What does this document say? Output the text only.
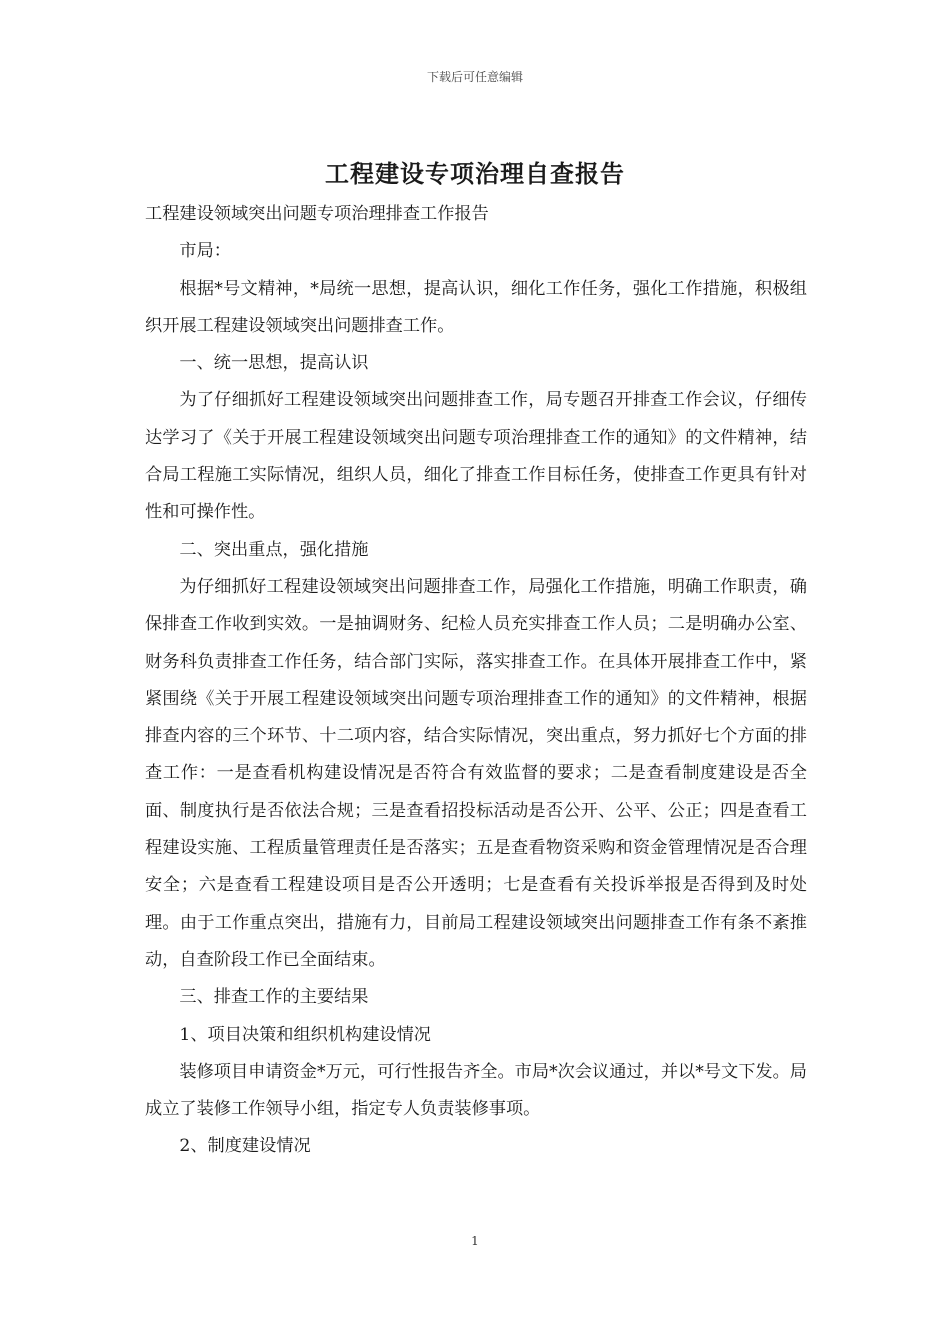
下载后可任意编辑
工程建设专项治理自查报告

工程建设领域突出问题专项治理排查工作报告

市局：

根据*号文精神，*局统一思想，提高认识，细化工作任务，强化工作措施，积极组织开展工程建设领域突出问题排查工作。

一、统一思想，提高认识

为了仔细抓好工程建设领域突出问题排查工作，局专题召开排查工作会议，仔细传达学习了《关于开展工程建设领域突出问题专项治理排查工作的通知》的文件精神，结合局工程施工实际情况，组织人员，细化了排查工作目标任务，使排查工作更具有针对性和可操作性。

二、突出重点，强化措施

为仔细抓好工程建设领域突出问题排查工作，局强化工作措施，明确工作职责，确保排查工作收到实效。一是抽调财务、纪检人员充实排查工作人员；二是明确办公室、财务科负责排查工作任务，结合部门实际，落实排查工作。在具体开展排查工作中，紧紧围绕《关于开展工程建设领域突出问题专项治理排查工作的通知》的文件精神，根据排查内容的三个环节、十二项内容，结合实际情况，突出重点，努力抓好七个方面的排查工作：一是查看机构建设情况是否符合有效监督的要求；二是查看制度建设是否全面、制度执行是否依法合规；三是查看招投标活动是否公开、公平、公正；四是查看工程建设实施、工程质量管理责任是否落实；五是查看物资采购和资金管理情况是否合理安全；六是查看工程建设项目是否公开透明；七是查看有关投诉举报是否得到及时处理。由于工作重点突出，措施有力，目前局工程建设领域突出问题排查工作有条不紊推动，自查阶段工作已全面结束。

三、排查工作的主要结果

1、项目决策和组织机构建设情况

装修项目申请资金*万元，可行性报告齐全。市局*次会议通过，并以*号文下发。局成立了装修工作领导小组，指定专人负责装修事项。

2、制度建设情况

1
